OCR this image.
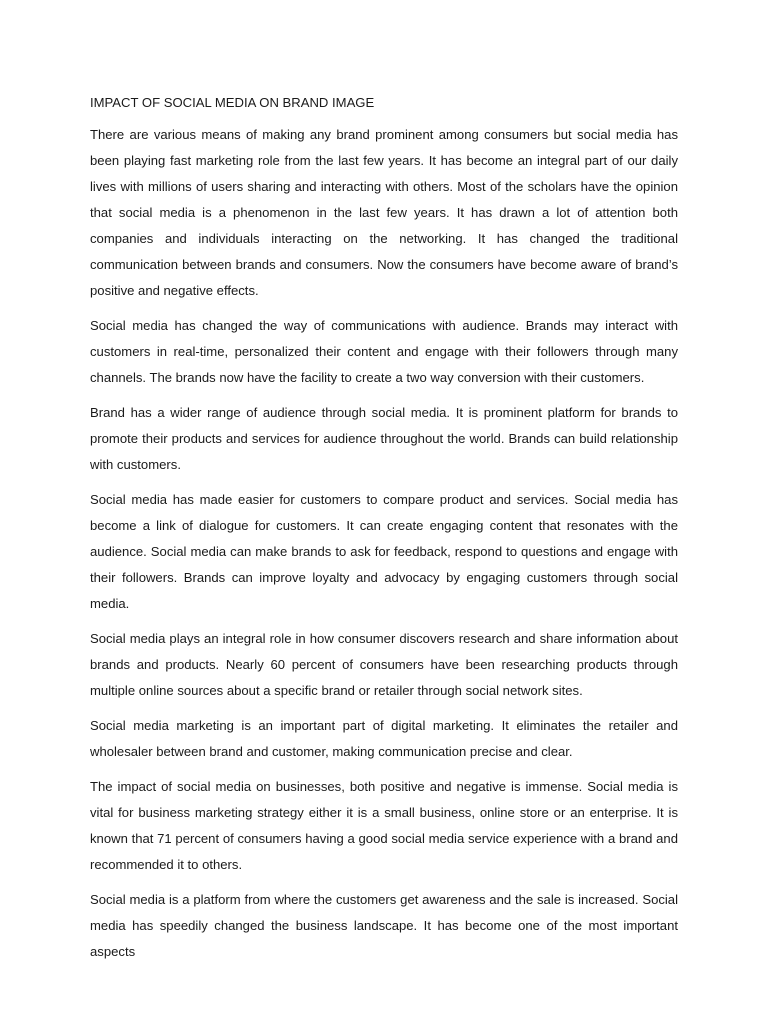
IMPACT OF SOCIAL MEDIA ON BRAND IMAGE

There are various means of making any brand prominent among consumers but social media has been playing fast marketing role from the last few years. It has become an integral part of our daily lives with millions of users sharing and interacting with others. Most of the scholars have the opinion that social media is a phenomenon in the last few years. It has drawn a lot of attention both companies and individuals interacting on the networking. It has changed the traditional communication between brands and consumers. Now the consumers have become aware of brand’s positive and negative effects.

Social media has changed the way of communications with audience. Brands may interact with customers in real-time, personalized their content and engage with their followers through many channels. The brands now have the facility to create a two way conversion with their customers.

Brand has a wider range of audience through social media. It is prominent platform for brands to promote their products and services for audience throughout the world. Brands can build relationship with customers.

Social media has made easier for customers to compare product and services. Social media has become a link of dialogue for customers. It can create engaging content that resonates with the audience. Social media can make brands to ask for feedback, respond to questions and engage with their followers. Brands can improve loyalty and advocacy by engaging customers through social media.

Social media plays an integral role in how consumer discovers research and share information about brands and products. Nearly 60 percent of consumers have been researching products through multiple online sources about a specific brand or retailer through social network sites.

Social media marketing is an important part of digital marketing. It eliminates the retailer and wholesaler between brand and customer, making communication precise and clear.

The impact of social media on businesses, both positive and negative is immense. Social media is vital for business marketing strategy either it is a small business, online store or an enterprise. It is known that 71 percent of consumers having a good social media service experience with a brand and recommended it to others.

Social media is a platform from where the customers get awareness and the sale is increased. Social media has speedily changed the business landscape. It has become one of the most important aspects
